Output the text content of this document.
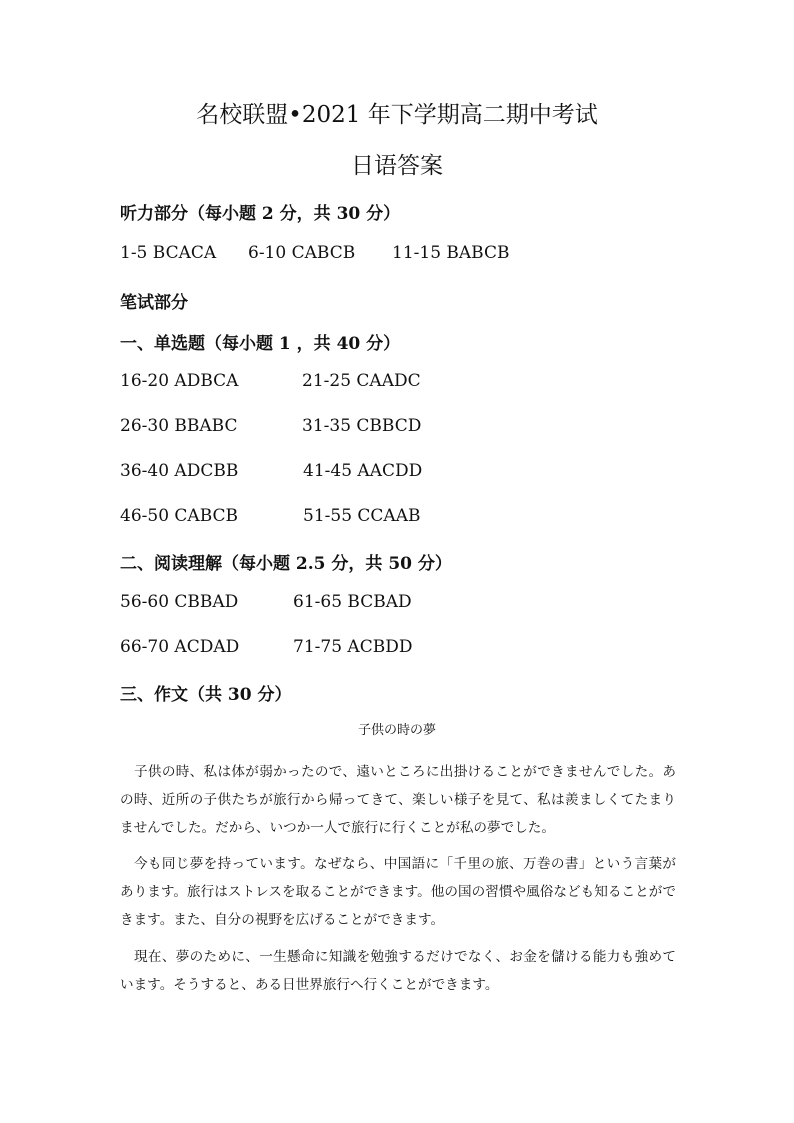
名校联盟•2021 年下学期高二期中考试
日语答案

听力部分（每小题 2 分，共 30 分）

1-5 BCACA 6-10 CABCB 11-15 BABCB

笔试部分

一、单选题（每小题 1 ，共 40 分）

16-20 ADBCA	21-25 CAADC

26-30 BBABC	31-35 CBBCD

36-40 ADCBB	41-45 AACDD

46-50 CABCB	51-55 CCAAB

二、阅读理解（每小题 2.5 分，共 50 分）

56-60 CBBAD	61-65 BCBAD

66-70 ACDAD	71-75 ACBDD

三、作文（共 30 分）

子供の時の夢

子供の時、私は体が弱かったので、遠いところに出掛けることができませんでした。あの時、近所の子供たちが旅行から帰ってきて、楽しい様子を見て、私は羨ましくてたまりませんでした。だから、いつか一人で旅行に行くことが私の夢でした。

今も同じ夢を持っています。なぜなら、中国語に「千里の旅、万巻の書」という言葉があります。旅行はストレスを取ることができます。他の国の習慣や風俗なども知ることができます。また、自分の視野を広げることができます。

現在、夢のために、一生懸命に知識を勉強するだけでなく、お金を儲ける能力も強めています。そうすると、ある日世界旅行へ行くことができます。
